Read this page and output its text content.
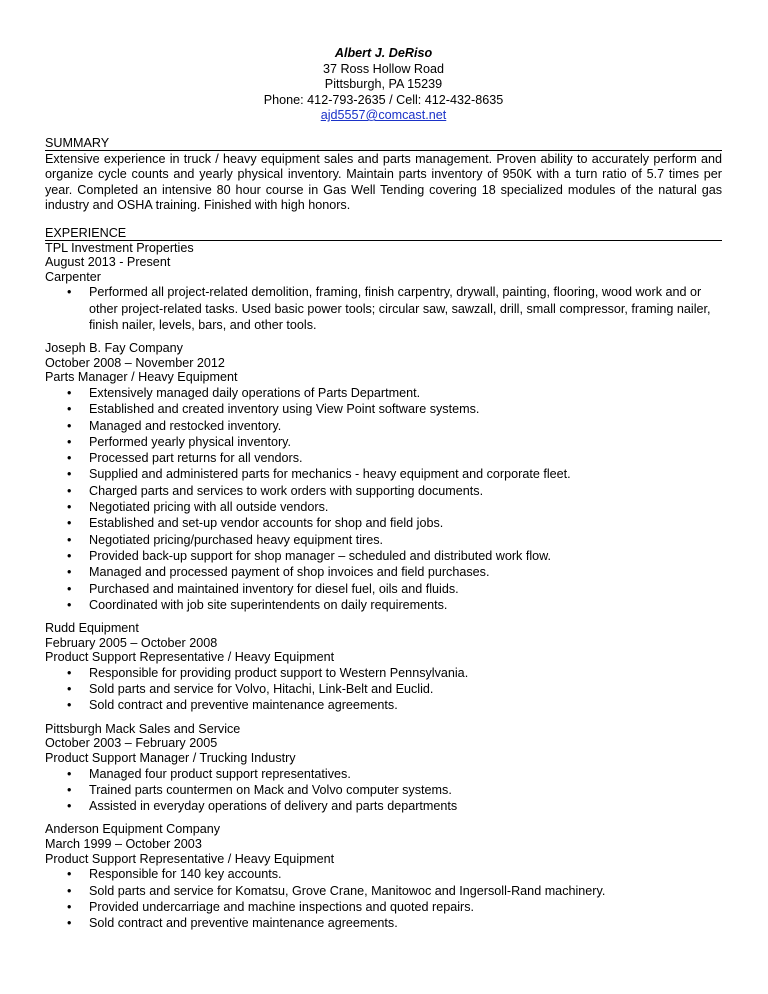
Albert J. DeRiso
37 Ross Hollow Road
Pittsburgh, PA 15239
Phone: 412-793-2635 / Cell: 412-432-8635
ajd5557@comcast.net
SUMMARY
Extensive experience in truck / heavy equipment sales and parts management. Proven ability to accurately perform and organize cycle counts and yearly physical inventory. Maintain parts inventory of 950K with a turn ratio of 5.7 times per year. Completed an intensive 80 hour course in Gas Well Tending covering 18 specialized modules of the natural gas industry and OSHA training. Finished with high honors.
EXPERIENCE
TPL Investment Properties
August 2013 - Present
Carpenter
• Performed all project-related demolition, framing, finish carpentry, drywall, painting, flooring, wood work and or other project-related tasks. Used basic power tools; circular saw, sawzall, drill, small compressor, framing nailer, finish nailer, levels, bars, and other tools.
Joseph B. Fay Company
October 2008 – November 2012
Parts Manager / Heavy Equipment
• Extensively managed daily operations of Parts Department.
• Established and created inventory using View Point software systems.
• Managed and restocked inventory.
• Performed yearly physical inventory.
• Processed part returns for all vendors.
• Supplied and administered parts for mechanics - heavy equipment and corporate fleet.
• Charged parts and services to work orders with supporting documents.
• Negotiated pricing with all outside vendors.
• Established and set-up vendor accounts for shop and field jobs.
• Negotiated pricing/purchased heavy equipment tires.
• Provided back-up support for shop manager – scheduled and distributed work flow.
• Managed and processed payment of shop invoices and field purchases.
• Purchased and maintained inventory for diesel fuel, oils and fluids.
• Coordinated with job site superintendents on daily requirements.
Rudd Equipment
February 2005 – October 2008
Product Support Representative / Heavy Equipment
• Responsible for providing product support to Western Pennsylvania.
• Sold parts and service for Volvo, Hitachi, Link-Belt and Euclid.
• Sold contract and preventive maintenance agreements.
Pittsburgh Mack Sales and Service
October 2003 – February 2005
Product Support Manager / Trucking Industry
• Managed four product support representatives.
• Trained parts countermen on Mack and Volvo computer systems.
• Assisted in everyday operations of delivery and parts departments
Anderson Equipment Company
March 1999 – October 2003
Product Support Representative / Heavy Equipment
• Responsible for 140 key accounts.
• Sold parts and service for Komatsu, Grove Crane, Manitowoc and Ingersoll-Rand machinery.
• Provided undercarriage and machine inspections and quoted repairs.
• Sold contract and preventive maintenance agreements.
